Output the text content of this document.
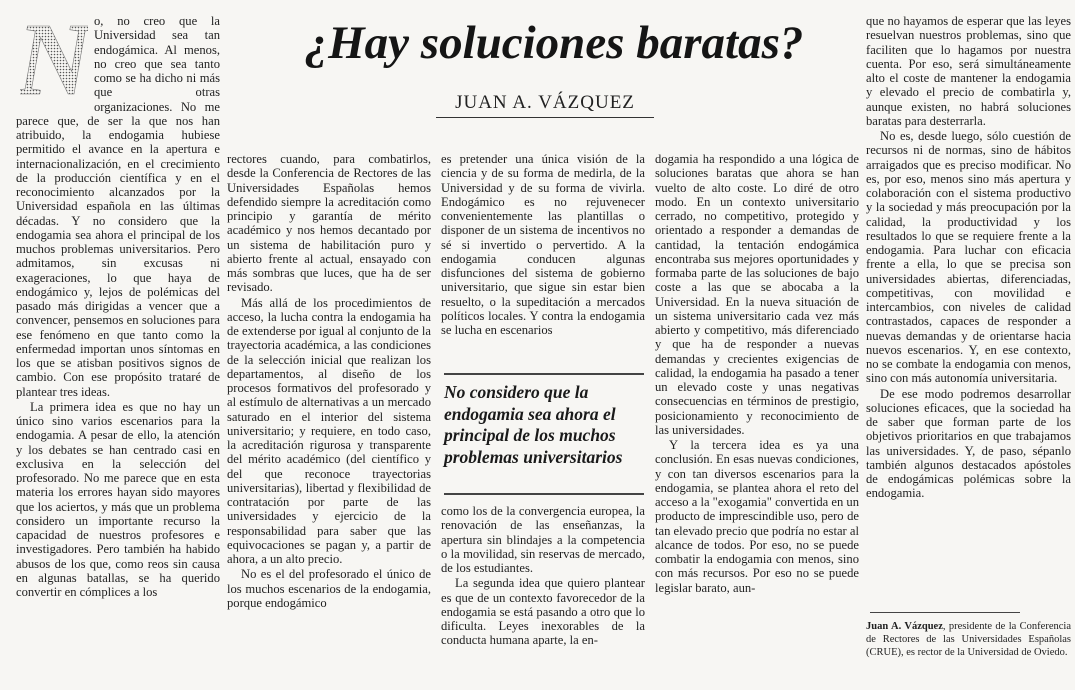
¿Hay soluciones baratas?
JUAN A. VÁZQUEZ
N o, no creo que la Universidad sea tan endogámica. Al menos, no creo que sea tanto como se ha dicho ni más que otras organizaciones. No me parece que, de ser la que nos han atribuido, la endogamia hubiese permitido el avance en la apertura e internacionalización, en el crecimiento de la producción científica y en el reconocimiento alcanzados por la Universidad española en las últimas décadas. Y no considero que la endogamia sea ahora el principal de los muchos problemas universitarios. Pero admitamos, sin excusas ni exageraciones, lo que haya de endogámico y, lejos de polémicas del pasado más dirigidas a vencer que a convencer, pensemos en soluciones para ese fenómeno en que tanto como la enfermedad importan unos síntomas en los que se atisban positivos signos de cambio. Con ese propósito trataré de plantear tres ideas.

La primera idea es que no hay un único sino varios escenarios para la endogamia. A pesar de ello, la atención y los debates se han centrado casi en exclusiva en la selección del profesorado. No me parece que en esta materia los errores hayan sido mayores que los aciertos, y más que un problema considero un importante recurso la capacidad de nuestros profesores e investigadores. Pero también ha habido abusos de los que, como reos sin causa en algunas batallas, se ha querido convertir en cómplices a los

rectores cuando, para combatirlos, desde la Conferencia de Rectores de las Universidades Españolas hemos defendido siempre la acreditación como principio y garantía de mérito académico y nos hemos decantado por un sistema de habilitación puro y abierto frente al actual, ensayado con más sombras que luces, que ha de ser revisado.

Más allá de los procedimientos de acceso, la lucha contra la endogamia ha de extenderse por igual al conjunto de la trayectoria académica, a las condiciones de la selección inicial que realizan los departamentos, al diseño de los procesos formativos del profesorado y al estímulo de alternativas a un mercado saturado en el interior del sistema universitario; y requiere, en todo caso, la acreditación rigurosa y transparente del mérito académico (del científico y del que reconoce trayectorias universitarias), libertad y flexibilidad de contratación por parte de las universidades y ejercicio de la responsabilidad para saber que las equivocaciones se pagan y, a partir de ahora, a un alto precio.

No es el del profesorado el único de los muchos escenarios de la endogamia, porque endogámico

es pretender una única visión de la ciencia y de su forma de medirla, de la Universidad y de su forma de vivirla. Endogámico es no rejuvenecer convenientemente las plantillas o disponer de un sistema de incentivos no sé si invertido o pervertido. A la endogamia conducen algunas disfunciones del sistema de gobierno universitario, que sigue sin estar bien resuelto, o la supeditación a mercados políticos locales. Y contra la endogamia se lucha en escenarios

No considero que la endogamia sea ahora el principal de los muchos problemas universitarios

como los de la convergencia europea, la renovación de las enseñanzas, la apertura sin blindajes a la competencia o la movilidad, sin reservas de mercado, de los estudiantes.

La segunda idea que quiero plantear es que de un contexto favorecedor de la endogamia se está pasando a otro que lo dificulta. Leyes inexorables de la conducta humana aparte, la en-

dogamia ha respondido a una lógica de soluciones baratas que ahora se han vuelto de alto coste. Lo diré de otro modo. En un contexto universitario cerrado, no competitivo, protegido y orientado a responder a demandas de cantidad, la tentación endogámica encontraba sus mejores oportunidades y formaba parte de las soluciones de bajo coste a las que se abocaba a la Universidad. En la nueva situación de un sistema universitario cada vez más abierto y competitivo, más diferenciado y que ha de responder a nuevas demandas y crecientes exigencias de calidad, la endogamia ha pasado a tener un elevado coste y unas negativas consecuencias en términos de prestigio, posicionamiento y reconocimiento de las universidades.

Y la tercera idea es ya una conclusión. En esas nuevas condiciones, y con tan diversos escenarios para la endogamia, se plantea ahora el reto del acceso a la "exogamia" convertida en un producto de imprescindible uso, pero de tan elevado precio que podría no estar al alcance de todos. Por eso, no se puede combatir la endogamia con menos, sino con más recursos. Por eso no se puede legislar barato, aun-

que no hayamos de esperar que las leyes resuelvan nuestros problemas, sino que faciliten que lo hagamos por nuestra cuenta. Por eso, será simultáneamente alto el coste de mantener la endogamia y elevado el precio de combatirla y, aunque existen, no habrá soluciones baratas para desterrarla.

No es, desde luego, sólo cuestión de recursos ni de normas, sino de hábitos arraigados que es preciso modificar. No es, por eso, menos sino más apertura y colaboración con el sistema productivo y la sociedad y más preocupación por la calidad, la productividad y los resultados lo que se requiere frente a la endogamia. Para luchar con eficacia frente a ella, lo que se precisa son universidades abiertas, diferenciadas, competitivas, con movilidad e intercambios, con niveles de calidad contrastados, capaces de responder a nuevas demandas y de orientarse hacia nuevos escenarios. Y, en ese contexto, no se combate la endogamia con menos, sino con más autonomía universitaria.

De ese modo podremos desarrollar soluciones eficaces, que la sociedad ha de saber que forman parte de los objetivos prioritarios en que trabajamos las universidades. Y, de paso, sépanlo también algunos destacados apóstoles de endogámicas polémicas sobre la endogamia.

Juan A. Vázquez, presidente de la Conferencia de Rectores de las Universidades Españolas (CRUE), es rector de la Universidad de Oviedo.
